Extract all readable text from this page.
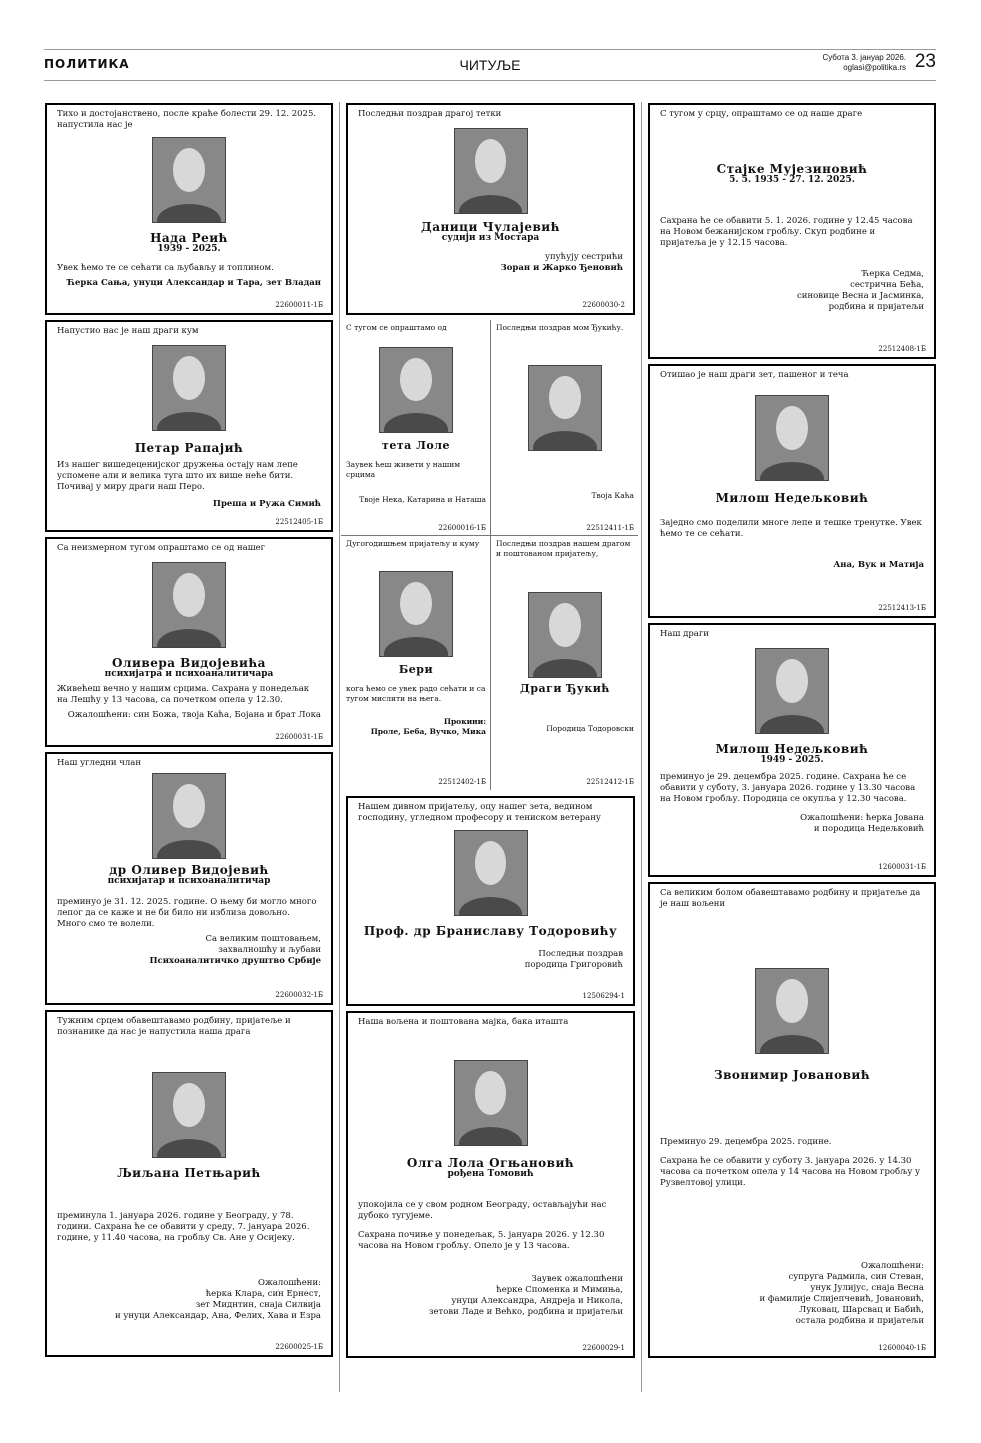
ПОЛИТИКА	ЧИТУЉЕ	Субота 3. јануар 2026.
oglasi@politika.rs 23
Тихо и достојанствено, после краће болести 29. 12. 2025. напустила нас је
Нада Реић
1939 - 2025.
Увек ћемо те се сећати са љубављу и топлином.
Ћерка Сања, унуци Александар и Тара, зет Владан
22600011-1Б
Напустио нас је наш драги кум
Петар Рапајић
Из нашег вишедеценијског дружења остају нам лепе успомене али и велика туга што их више неће бити. Почивај у миру драги наш Перо.
Преша и Ружа Симић
22512405-1Б
Са неизмерном тугом опраштамо се од нашег
Оливера Видојевића
психијатра и психоаналитичара
Живећеш вечно у нашим срцима. Сахрана у понедељак на Лешћу у 13 часова, са почетком опела у 12.30.
Ожалошћени: син Божа, твоја Каћа, Бојана и брат Лока
22600031-1Б
Наш угледни члан
др Оливер Видојевић
психијатар и психоаналитичар
преминуо је 31. 12. 2025. године. О њему би могло много лепог да се каже и не би било ни изблиза довољно. Много смо те волели.
Са великим поштовањем,
захвалношћу и љубави
Психоаналитичко друштво Србије
22600032-1Б
Тужним срцем обавештавамо родбину, пријатеље и познанике да нас је напустила наша драга
Љиљана Петњарић
преминула 1. јануара 2026. године у Београду, у 78. години. Сахрана ће се обавити у среду, 7. јануара 2026. године, у 11.40 часова, на гробљу Св. Ане у Осијеку.
Ожалошћени:
ћерка Клара, син Ернест,
зет Миднтин, снаја Силвија
и унуци Александар, Ана, Фелих, Хава и Езра
22600025-1Б
Последњи поздрав драгој тетки
Даници Чулајевић
судији из Мостара
упућују сестрићи
Зоран и Жарко Ђеновић
22600030-2
С тугом се опраштамо од
тета Лоле
Заувек ћеш живети у нашим срцима
Твоје Нека, Катарина и Наташа
22600016-1Б
Последњи поздрав мом Ђукићу.
Твоја Каћа
22512411-1Б
Дугогодишњем пријатељу и куму
Бери
кога ћемо се увек радо сећати и са тугом мислити на њега.
Прокини:
Проле, Беба, Вучко, Мика
22512402-1Б
Последњи поздрав нашем драгом и поштованом пријатељу,
Драги Ђукић
Породица Тодоровски
22512412-1Б
Нашем дивном пријатељу, оцу нашег зета, ведином господину, угледном професору и тениском ветерану
Проф. др Браниславу Тодоровићу
Последњи поздрав
породица Григоровић
12506294-1
Наша вољена и поштована мајка, бака иташта
Олга Лола Огњановић
рођена Томовић
упокојила се у свом родном Београду, остављајући нас дубоко тугујеме.
Сахрана почиње у понедељак, 5. јануара 2026. у 12.30 часова на Новом гробљу. Опело је у 13 часова.
Заувек ожалошћени
ћерке Споменка и Мимиња,
унуци Александра, Андреја и Никола,
зетови Ладе и Већко, родбина и пријатељи
22600029-1
С тугом у срцу, опраштамо се од наше драге
Стајке Мујезиновић
5. 5. 1935 - 27. 12. 2025.
Сахрана ће се обавити 5. 1. 2026. године у 12.45 часова на Новом бежанијском гробљу. Скуп родбине и пријатеља је у 12.15 часова.
Ћерка Седма,
сестрична Бећа,
синовице Весна и Јасминка,
родбина и пријатељи
22512408-1Б
Отишао је наш драги зет, пашеног и теча
Милош Недељковић
Заједно смо поделили многе лепе и тешке тренутке. Увек ћемо те се сећати.
Ана, Вук и Матија
22512413-1Б
Наш драги
Милош Недељковић
1949 - 2025.
преминуо је 29. децембра 2025. године. Сахрана ће се обавити у суботу, 3. јануара 2026. године у 13.30 часова на Новом гробљу. Породица се окупља у 12.30 часова.
Ожалошћени: ћерка Јована
и породица Недељковић
12600031-1Б
Са великим болом обавештавамо родбину и пријатеље да је наш вољени
Звонимир Јовановић
Преминуо 29. децембра 2025. године.
Сахрана ће се обавити у суботу 3. јануара 2026. у 14.30 часова са почетком опела у 14 часова на Новом гробљу у Рузвелтовој улици.
Ожалошћени:
супруга Радмила, син Стеван,
унук Јулијус, снаја Весна
и фамилије Слијепчевић, Јовановић,
Луковац, Шарсвац и Бабић,
остала родбина и пријатељи
12600040-1Б
